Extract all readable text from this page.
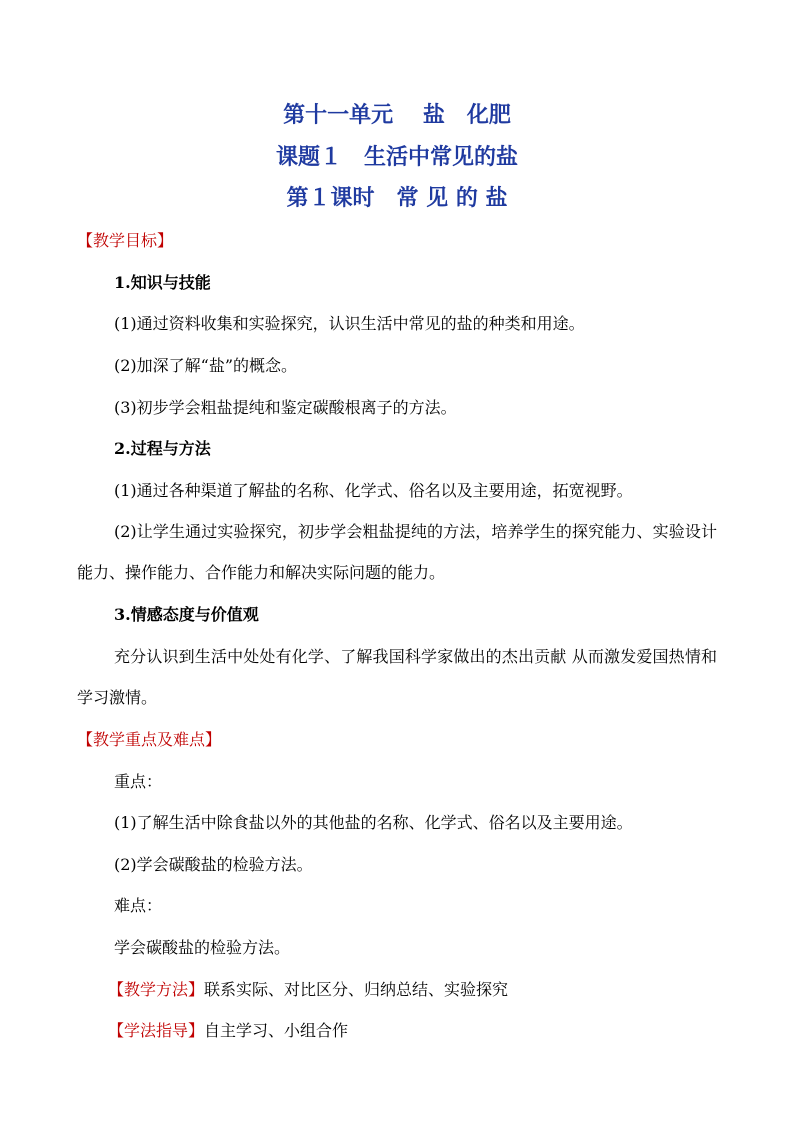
第十一单元　 盐　化肥
课题１　生活中常见的盐
第１课时　常 见 的 盐
【教学目标】
1.知识与技能
(1)通过资料收集和实验探究，认识生活中常见的盐的种类和用途。
(2)加深了解“盐”的概念。
(3)初步学会粗盐提纯和鉴定碳酸根离子的方法。
2.过程与方法
(1)通过各种渠道了解盐的名称、化学式、俗名以及主要用途，拓宽视野。
(2)让学生通过实验探究，初步学会粗盐提纯的方法，培养学生的探究能力、实验设计能力、操作能力、合作能力和解决实际问题的能力。
3.情感态度与价值观
充分认识到生活中处处有化学、了解我国科学家做出的杰出贡献 从而激发爱国热情和学习激情。
【教学重点及难点】
重点：
(1)了解生活中除食盐以外的其他盐的名称、化学式、俗名以及主要用途。
(2)学会碳酸盐的检验方法。
难点：
学会碳酸盐的检验方法。
【教学方法】联系实际、对比区分、归纳总结、实验探究
【学法指导】自主学习、小组合作
